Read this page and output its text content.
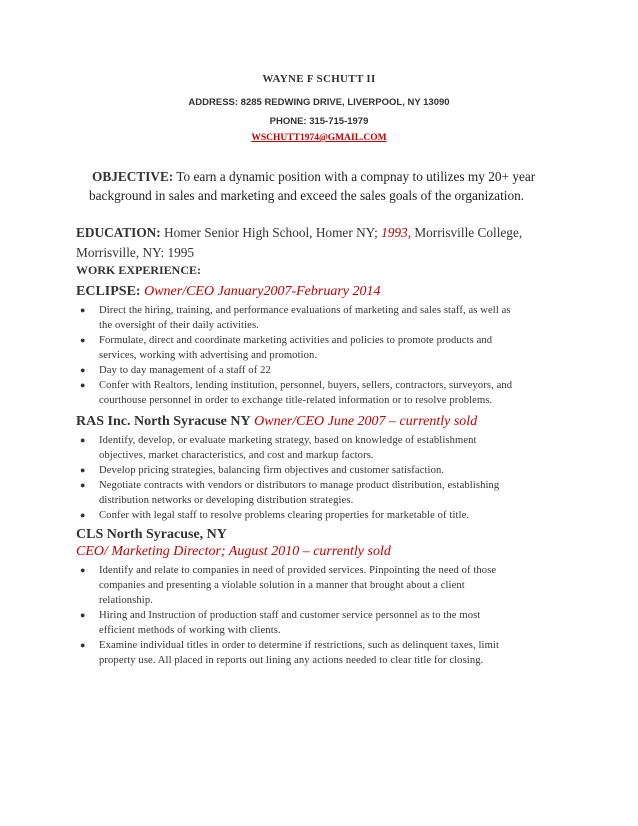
WAYNE F SCHUTT II
ADDRESS: 8285 REDWING DRIVE, LIVERPOOL, NY 13090
PHONE: 315-715-1979
WSCHUTT1974@GMAIL.COM
OBJECTIVE: To earn a dynamic position with a compnay to utilizes my 20+ year
background in sales and marketing and exceed the sales goals of the organization.
EDUCATION: Homer Senior High School, Homer NY; 1993, Morrisville College,
Morrisville, NY: 1995
WORK EXPERIENCE:
ECLIPSE: Owner/CEO January2007-February 2014
● Direct the hiring, training, and performance evaluations of marketing and sales staff, as well as
the oversight of their daily activities.
● Formulate, direct and coordinate marketing activities and policies to promote products and
services, working with advertising and promotion.
● Day to day management of a staff of 22
● Confer with Realtors, lending institution, personnel, buyers, sellers, contractors, surveyors, and
courthouse personnel in order to exchange title-related information or to resolve problems.
RAS Inc. North Syracuse NY Owner/CEO June 2007 – currently sold
● Identify, develop, or evaluate marketing strategy, based on knowledge of establishment
objectives, market characteristics, and cost and markup factors.
● Develop pricing strategies, balancing firm objectives and customer satisfaction.
● Negotiate contracts with vendors or distributors to manage product distribution, establishing
distribution networks or developing distribution strategies.
● Confer with legal staff to resolve problems clearing properties for marketable of title.
CLS North Syracuse, NY
CEO/ Marketing Director; August 2010 – currently sold
● Identify and relate to companies in need of provided services. Pinpointing the need of those
companies and presenting a violable solution in a manner that brought about a client
relationship.
● Hiring and Instruction of production staff and customer service personnel as to the most
efficient methods of working with clients.
● Examine individual titles in order to determine if restrictions, such as delinquent taxes, limit
property use. All placed in reports out lining any actions needed to clear title for closing.
